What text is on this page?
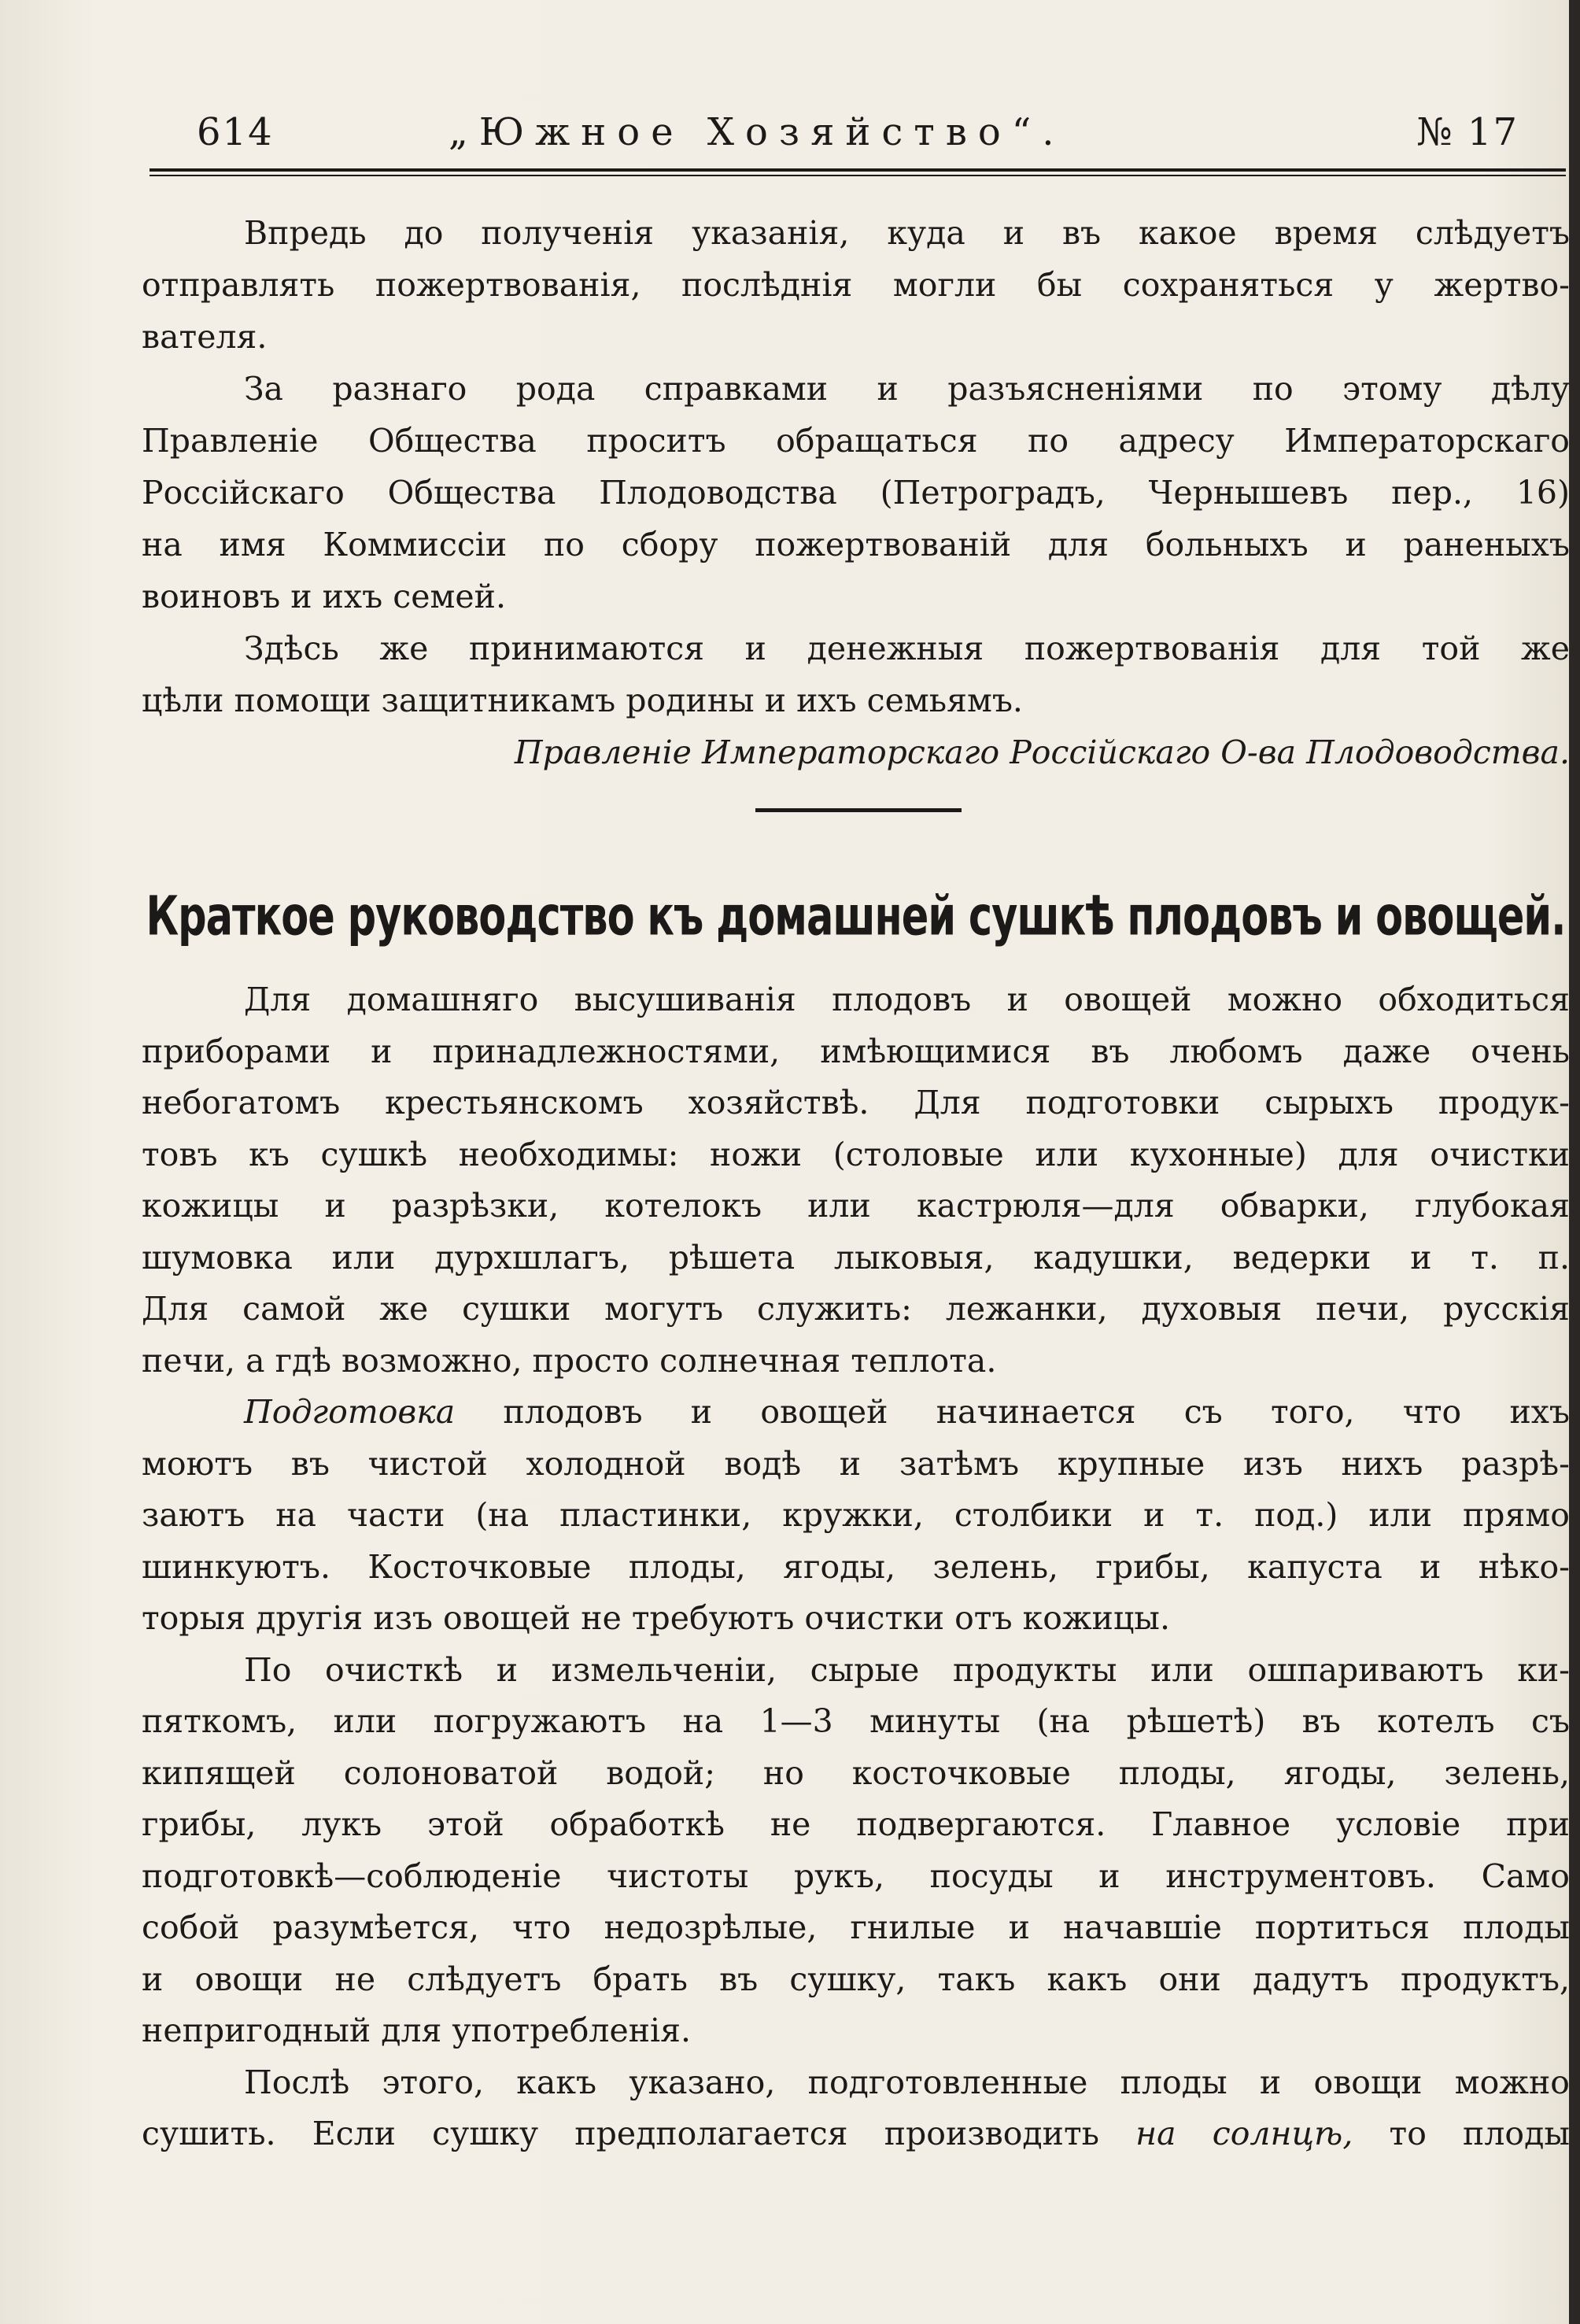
614	„Южное Хозяйство“.	№ 17
Впредь до полученія указанія, куда и въ какое время слѣдуетъ
отправлять пожертвованія, послѣднія могли бы сохраняться у жертво-
вателя.
За разнаго рода справками и разъясненіями по этому дѣлу
Правленіе Общества проситъ обращаться по адресу Императорскаго
Россійскаго Общества Плодоводства (Петроградъ, Чернышевъ пер., 16)
на имя Коммиссіи по сбору пожертвованій для больныхъ и раненыхъ
воиновъ и ихъ семей.
Здѣсь же принимаются и денежныя пожертвованія для той же
цѣли помощи защитникамъ родины и ихъ семьямъ.
Правленіе Императорскаго Россійскаго О-ва Плодоводства.
Краткое руководство къ домашней сушкѣ плодовъ и овощей.
Для домашняго высушиванія плодовъ и овощей можно обходиться
приборами и принадлежностями, имѣющимися въ любомъ даже очень
небогатомъ крестьянскомъ хозяйствѣ. Для подготовки сырыхъ продук-
товъ къ сушкѣ необходимы: ножи (столовые или кухонные) для очистки
кожицы и разрѣзки, котелокъ или кастрюля—для обварки, глубокая
шумовка или дурхшлагъ, рѣшета лыковыя, кадушки, ведерки и т. п.
Для самой же сушки могутъ служить: лежанки, духовыя печи, русскія
печи, а гдѣ возможно, просто солнечная теплота.
Подготовка плодовъ и овощей начинается съ того, что ихъ
моютъ въ чистой холодной водѣ и затѣмъ крупные изъ нихъ разрѣ-
заютъ на части (на пластинки, кружки, столбики и т. под.) или прямо
шинкуютъ. Косточковые плоды, ягоды, зелень, грибы, капуста и нѣко-
торыя другія изъ овощей не требуютъ очистки отъ кожицы.
По очисткѣ и измельченіи, сырые продукты или ошпариваютъ ки-
пяткомъ, или погружаютъ на 1—3 минуты (на рѣшетѣ) въ котелъ съ
кипящей солоноватой водой; но косточковые плоды, ягоды, зелень,
грибы, лукъ этой обработкѣ не подвергаются. Главное условіе при
подготовкѣ—соблюденіе чистоты рукъ, посуды и инструментовъ. Само
собой разумѣется, что недозрѣлые, гнилые и начавшіе портиться плоды
и овощи не слѣдуетъ брать въ сушку, такъ какъ они дадутъ продуктъ,
непригодный для употребленія.
Послѣ этого, какъ указано, подготовленные плоды и овощи можно
сушить. Если сушку предполагается производить на солнцѣ, то плоды
